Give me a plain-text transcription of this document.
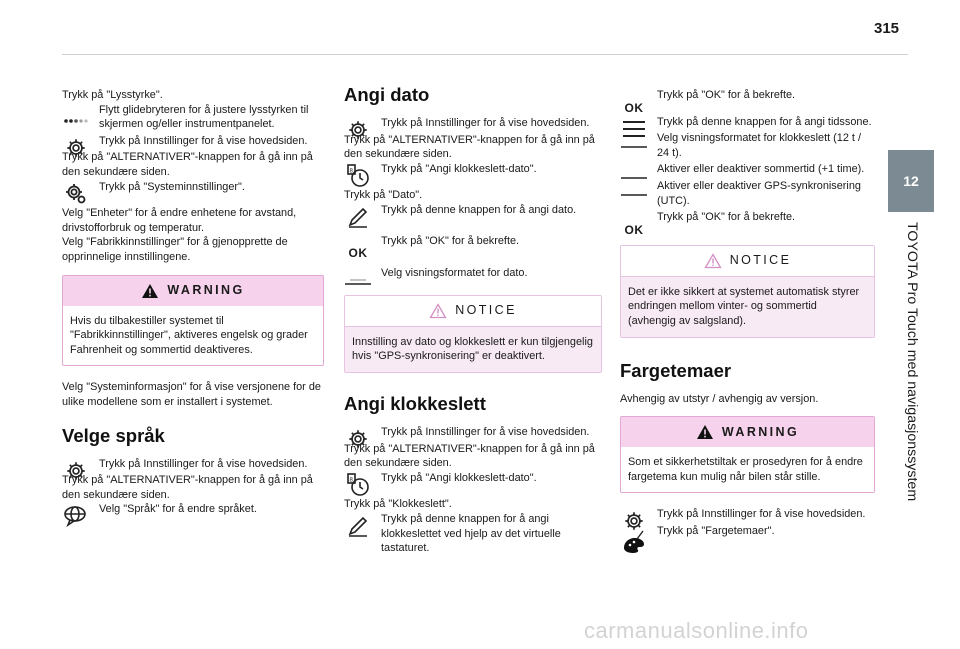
315
12
TOYOTA Pro Touch med navigasjonssystem
Trykk på "Lysstyrke".
Flytt glidebryteren for å justere lysstyrken til skjermen og/eller instrumentpanelet.
Trykk på Innstillinger for å vise hovedsiden.
Trykk på "ALTERNATIVER"-knappen for å gå inn på den sekundære siden.
Trykk på "Systeminnstillinger".
Velg "Enheter" for å endre enhetene for avstand, drivstofforbruk og temperatur.
Velg "Fabrikkinnstillinger" for å gjenopprette de opprinnelige innstillingene.
WARNING
Hvis du tilbakestiller systemet til "Fabrikkinnstillinger", aktiveres engelsk og grader Fahrenheit og sommertid deaktiveres.
Velg "Systeminformasjon" for å vise versjonene for de ulike modellene som er installert i systemet.
Velge språk
Trykk på Innstillinger for å vise hovedsiden.
Trykk på "ALTERNATIVER"-knappen for å gå inn på den sekundære siden.
Velg "Språk" for å endre språket.
Angi dato
Trykk på Innstillinger for å vise hovedsiden.
Trykk på "ALTERNATIVER"-knappen for å gå inn på den sekundære siden.
8	Trykk på "Angi klokkeslett-dato".
Trykk på "Dato".
Trykk på denne knappen for å angi dato.
OK
Trykk på "OK" for å bekrefte.
Velg visningsformatet for dato.
NOTICE
Innstilling av dato og klokkeslett er kun tilgjengelig hvis "GPS-synkronisering" er deaktivert.
Angi klokkeslett
Trykk på Innstillinger for å vise hovedsiden.
Trykk på "ALTERNATIVER"-knappen for å gå inn på den sekundære siden.
8	Trykk på "Angi klokkeslett-dato".
Trykk på "Klokkeslett".
Trykk på denne knappen for å angi klokkeslettet ved hjelp av det virtuelle tastaturet.
OK
Trykk på "OK" for å bekrefte.
Trykk på denne knappen for å angi tidssone.
Velg visningsformatet for klokkeslett (12 t / 24 t).
Aktiver eller deaktiver sommertid (+1 time).
Aktiver eller deaktiver GPS-synkronisering (UTC).
OK
Trykk på "OK" for å bekrefte.
NOTICE
Det er ikke sikkert at systemet automatisk styrer endringen mellom vinter- og sommertid (avhengig av salgsland).
Fargetemaer
Avhengig av utstyr / avhengig av versjon.
WARNING
Som et sikkerhetstiltak er prosedyren for å endre fargetema kun mulig når bilen står stille.
Trykk på Innstillinger for å vise hovedsiden.
Trykk på "Fargetemaer".
carmanualsonline.info
